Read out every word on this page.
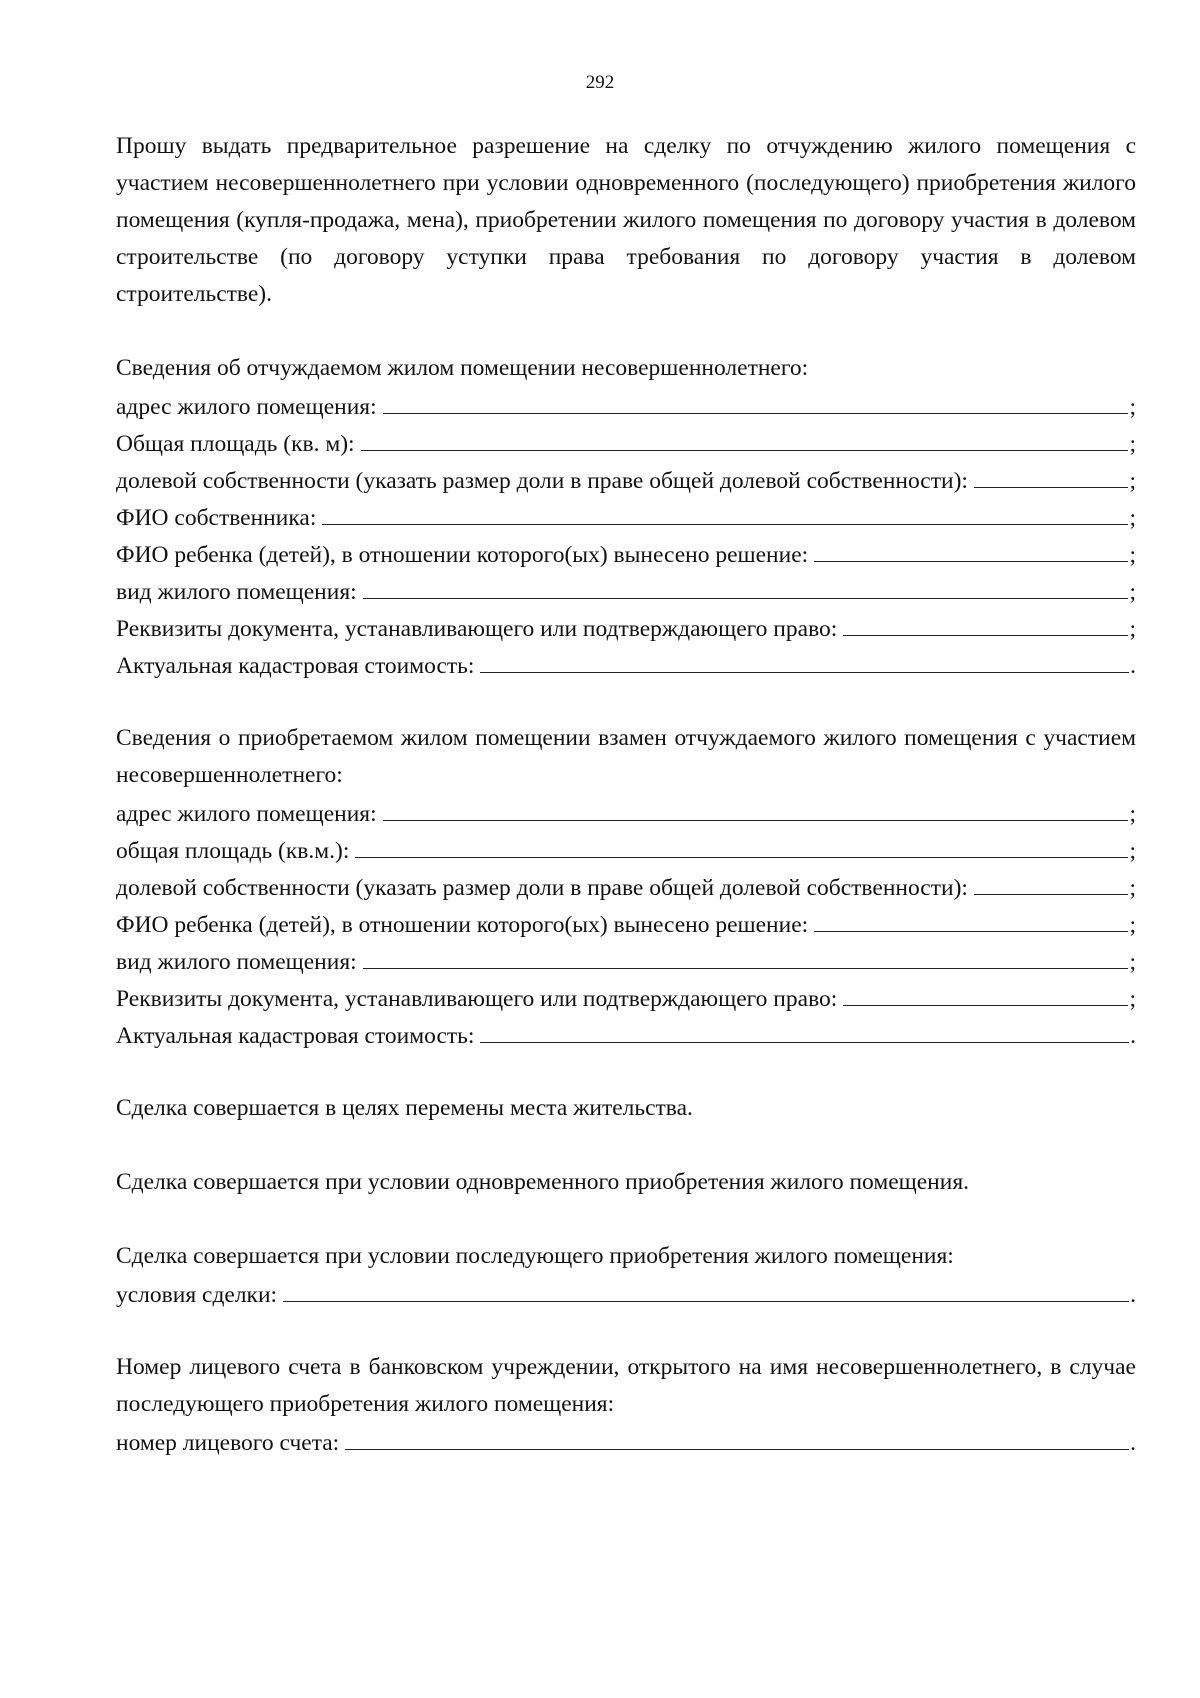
292

Прошу выдать предварительное разрешение на сделку по отчуждению жилого помещения с участием несовершеннолетнего при условии одновременного (последующего) приобретения жилого помещения (купля-продажа, мена), приобретении жилого помещения по договору участия в долевом строительстве (по договору уступки права требования по договору участия в долевом строительстве).

Сведения об отчуждаемом жилом помещении несовершеннолетнего:
адрес жилого помещения:	;
Общая площадь (кв. м):	;
долевой собственности (указать размер доли в праве общей долевой собственности):	;
ФИО собственника:	;
ФИО ребенка (детей), в отношении которого(ых) вынесено решение:	;
вид жилого помещения:	;
Реквизиты документа, устанавливающего или подтверждающего право:	;
Актуальная кадастровая стоимость:	.

Сведения о приобретаемом жилом помещении взамен отчуждаемого жилого помещения с участием несовершеннолетнего:

адрес жилого помещения:	;
общая площадь (кв.м.):	;
долевой собственности (указать размер доли в праве общей долевой собственности):	;
ФИО ребенка (детей), в отношении которого(ых) вынесено решение:	;
вид жилого помещения:	;
Реквизиты документа, устанавливающего или подтверждающего право:	;
Актуальная кадастровая стоимость:	.
Сделка совершается в целях перемены места жительства.
Сделка совершается при условии одновременного приобретения жилого помещения.
Сделка совершается при условии последующего приобретения жилого помещения:
условия сделки:	.

Номер лицевого счета в банковском учреждении, открытого на имя несовершеннолетнего, в случае последующего приобретения жилого помещения:

номер лицевого счета:	.
